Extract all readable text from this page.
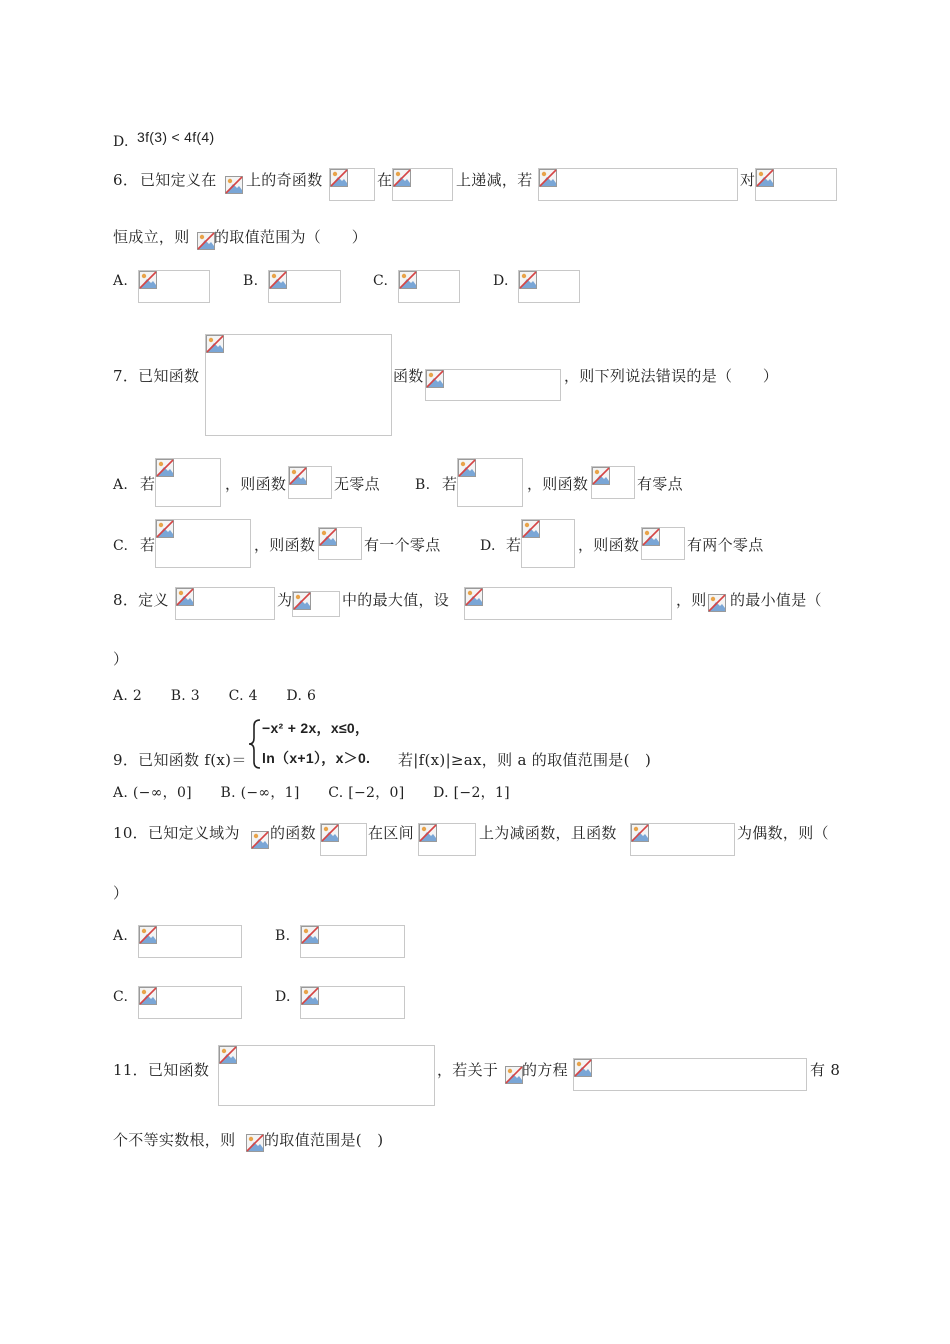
D. 3f(3) < 4f(4)
6． 已知定义在 上的奇函数	在	上递减，若	对
恒成立，则 的取值范围为（　　）
A.	B.	C.	D.
7．已知函数	函数	，则下列说法错误的是（　　）
A. 若	，则函数	无零点	B. 若	，则函数	有零点
C. 若	，则函数	有一个零点	D. 若	，则函数	有两个零点
8．定义	为	中的最大值，设	，则 的最小值是（
）
A. 2　　B. 3　　C. 4　　D. 6
−x² + 2x，x≤0，
ln（x+1），x＞0.
9．已知函数 f(x)＝	若|f(x)|≥ax，则 a 的取值范围是(　)
A. (−∞，0]　　B. (−∞，1]　　C. [−2，0]　　D. [−2，1]
10．已知定义域为 的函数	在区间	上为减函数，且函数	为偶数，则（
）
A.	B.
C.	D.
11．已知函数	，若关于 的方程	有 8
个不等实数根，则 的取值范围是(　)
